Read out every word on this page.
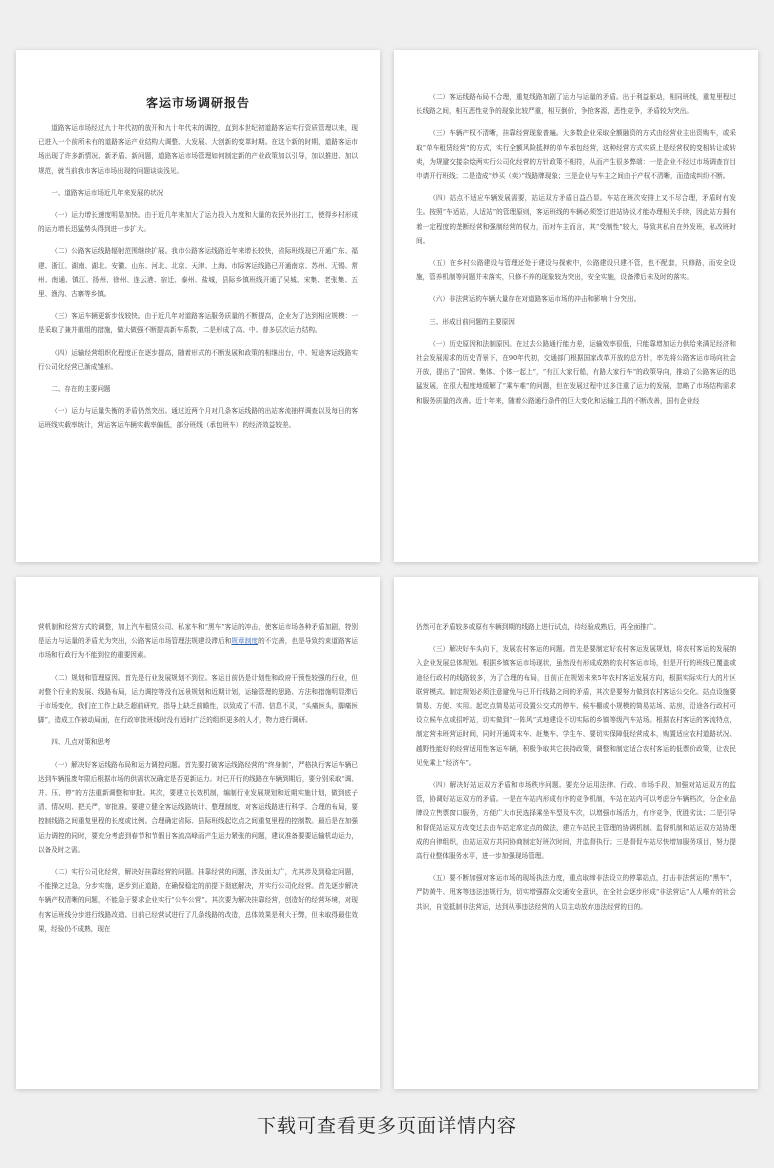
客运市场调研报告

道路客运市场经过九十年代初的放开和九十年代末的调控，直到本世纪初道路客运实行资质管理以来，现已进入一个前所未有的道路客运产业结构大调整、大发展、大创新的变革时期。在这个新的时期，道路客运市场出现了许多新情况、新矛盾、新问题，道路客运市场管理如何制定新的产业政策加以引导，加以推进、加以规范，就当前我市客运市场出现的问题谈谈浅见。

一、道路客运市场近几年来发展的状况

（一）运力增长速度明显加快。由于近几年来加大了运力投入力度和大量的农民外出打工，使得乡村形成的运力增长迅猛势头得到进一步扩大。

（二）公路客运线路辐射范围继续扩展。我市公路客运线路近年来增长较快，省际班线现已开通广东、福建、浙江、湖南、湖北、安徽、山东、河北、北京、天津、上海。市际客运线路已开通南京、苏州、无锡、常州、南通、镇江、扬州、徐州、连云港、宿迁、泰州、盐城，县际乡镇班线开通了吴城、宋集、老张集、五里、渔沟、古寨等乡镇。

（三）客运车辆更新步伐较快。由于近几年对道路客运服务质量的不断提高，企业为了达到相应规模：一是采取了兼并重组的措施，做大做强不断提高新车系数，二是形成了高、中、普多层次运力结构。

（四）运输经营组织化程度正在逐步提高，随着形式的不断发展和政策的相继出台，中、短途客运线路实行公司化经营已渐成雏形。

二、存在的主要问题

（一）运力与运量失衡的矛盾仍然突出。通过近两个月对几条客运线路的出站客流抽样调查以及每日的客运班线实载率统计，营运客运车辆实载率偏低，部分班线（承包班车）的经济效益较差。

（二）客运线路布局不合理，重复线路加剧了运力与运量的矛盾。出于利益驱动，相同班线，重复里程过长线路之间，相互恶性竞争的现象比较严重，相互倒价，争抢客源，恶性竞争，矛盾较为突出。

（三）车辆产权不清晰，挂靠经营现象普遍。大多数企业采取全额融资的方式由经营业主出资购车，或采取“单车租赁经营”的方式，实行全额风险抵押的单车承包经营，这种经营方式实质上是经营权的变相转让或转卖，为规避交接杂烩两实行公司化经营的方针政策不相符，从而产生很多弊端：一是企业不经过市场调查盲目申请开行班线；二是造成“炒买（卖）”线路牌现象；三是企业与车主之间由于产权不清晰，而造成纠纷不断。

（四）站点不适应车辆发展需要，站运双方矛盾日益凸显。车站在班次安排上又不尽合理，矛盾时有发生。按照“车适站，人适站”的管理原则，客运班线的车辆必须签订进站协议才能办理相关手续，因此站方拥有着一定程度的垄断经营和强制经营的权力，而对车主而言，其“受制性”较大，导致其私自在外发班，私改班时间。

（五）在乡村公路建设与管理还处于建设与探索中，公路建设只建不管，也不配套，只修路，而安全设施，管养机制等问题并未落实，只修不养的现象较为突出，安全实施，设备滞后未及时的落实。

（六）非法营运的车辆大量存在对道路客运市场的冲击和影响十分突出。

三、形成目前问题的主要原因

（一）历史原因和法制原因。在过去公路通行能力差，运输效率很低，只能靠增加运力供给来满足经济和社会发展需求的历史背景下，在90年代初，交通部门根据国家改革开放的总方针，率先将公路客运市场向社会开放，提出了“国营、集体、个体一起上”，“有江大家行船，有路大家行车”的政策导向，推动了公路客运的迅猛发展，在很大程度地缓解了“乘车难”的问题，但在发展过程中过多注重了运力的发展，忽略了市场结构需求和服务质量的改善。近十年来，随着公路通行条件的巨大变化和运输工具的不断改善，国有企业经

营机制和经营方式的调整，加上汽车租赁公司、私家车和“黑车”客运的冲击，使客运市场各种矛盾加剧，特别是运力与运量的矛盾尤为突出，公路客运市场管理法规建设滞后和规章制度的不完善，也是导致约束道路客运市场和行政行为不能到位的重要因素。

（二）规划和管理原因。首先是行业发展规划不到位。客运目前仍是计划性和政府干预性较强的行业，但对整个行业的发展、线路布局，运力调控等没有远景规划和近期计划，运输管理的思路、方法和措施明显滞后于市场变化，我们在工作上缺乏超前研究，指导上缺乏前瞻性，以致成了不清、信息不灵，“头痛医头，脚痛医脚”，造成工作被动局面，在行政审批班线时没有适时广泛的组织更多的人才，物力进行调研。

四、几点对策和思考

（一）解决好客运线路布局和运力调控问题。首先要打破客运线路经营的“终身制”，严格执行客运车辆已达到车辆报废年限后根据市场的供需状况确定是否更新运力。对已开行的线路在车辆到期后，要分别采取“调、并、压、停”的方法重新调整和审批。其次，要建立长效机制，编制行业发展规划和近期实施计划，做到底子清、情况明、把关严，审批准。要建立健全客运线路统计、整理制度，对客运线路进行科学、合理的布局，要控制线路之间重复里程的长度或比例。合理确定省际、县际班线起讫点之间重复里程的控制数。最后是在加强运力调控的同时，要充分考虑到春节和节假日客流高峰而产生运力紧张的问题，建议准备要要运输机动运力，以备及时之需。

（二）实行公司化经营，解决好挂靠经营的问题。挂靠经营的问题，涉及面太广，尤其涉及到稳定问题，不能操之过急，分步实施，逐步到正道路，在确保稳定的前提下彻底解决，并实行公司化经营。首先逐步解决车辆产权清晰的问题，不能急于要求企业实行“公车公营”。其次要为解决挂靠经营，创造好的经营环境，对现有客运班线分步进行线路改造。目前已经营试进行了几条线路的改造，总体效果是利大于弊，但未取得最佳效果，经验仍不成熟，现在

仍然可在矛盾较多或原有车辆到期的线路上进行试点，待经验成熟后，再全面推广。

（三）解决好车头向下，发展农村客运的问题。首先是要制定好农村客运发展规划，将农村客运的发展纳入企业发展总体规划。根据乡镇客运市场现状，虽然没有形成成熟的农村客运市场，但是开行的班线已覆盖或途径行政村的线路较多，为了合理的布局，目前正在规划未来5年农村客运发展方向，根据实际实行大的片区联营模式。制定规划必须注意避免与已开行线路之间的矛盾，其次是要努力做到农村客运公交化。站点设施要简易、方便、实用。起讫点简易站可设置公交式的停车、候车棚或小规模的简易站场、站房，沿途各行政村可设立候车点或招呼站，切实做到“一阵风”式地建设不切实际的乡镇等级汽车站场。根据农村客运的客流特点，制定营未班营运时间，同时开通周末车、赶集车、学生车、要切实保障低经营成本，购置适应农村道路状况、越野性能好的经营适用性客运车辆，积极争取其它扶持政策，调整和制定适合农村客运的低票价政策，让农民见免乘上“经济车”。

（四）解决好站运双方矛盾和市场秩序问题。要充分运用法律、行政、市场手段，加强对站运双方的监管，协调好站运双方的矛盾。一是在车站内形成有序的竞争机制，车站在站内可以考虑分车辆档次，分企业品牌设立售票窗口服务，方便广大市民选择乘坐车型及车次，以增强市场活力，有序竞争，优胜劣汰；二是引导和督促站运双方改变过去由车站定席定点的做法，建立车站民主管理的协调机制、监督机制和站运双方站协理成的自律组织，由站运双方共同协商制定好班次时间，并监督执行；三是督促车站尽快增加服务项目，努力提高行业整体服务水平，进一步加强现场管理。

（五）要不断加强对客运市场的现场执法力度，重点取缔非法设立的停靠站点，打击非法营运的“黑车”，严防黄牛、甩客等违法违规行为，切实增强群众交通安全意识，在全社会逐步形成“非法营运”人人唾弃的社会共识，自觉抵制非法营运，达到从事违法经营的人员主动放弃违法经营的目的。

下载可查看更多页面详情内容
